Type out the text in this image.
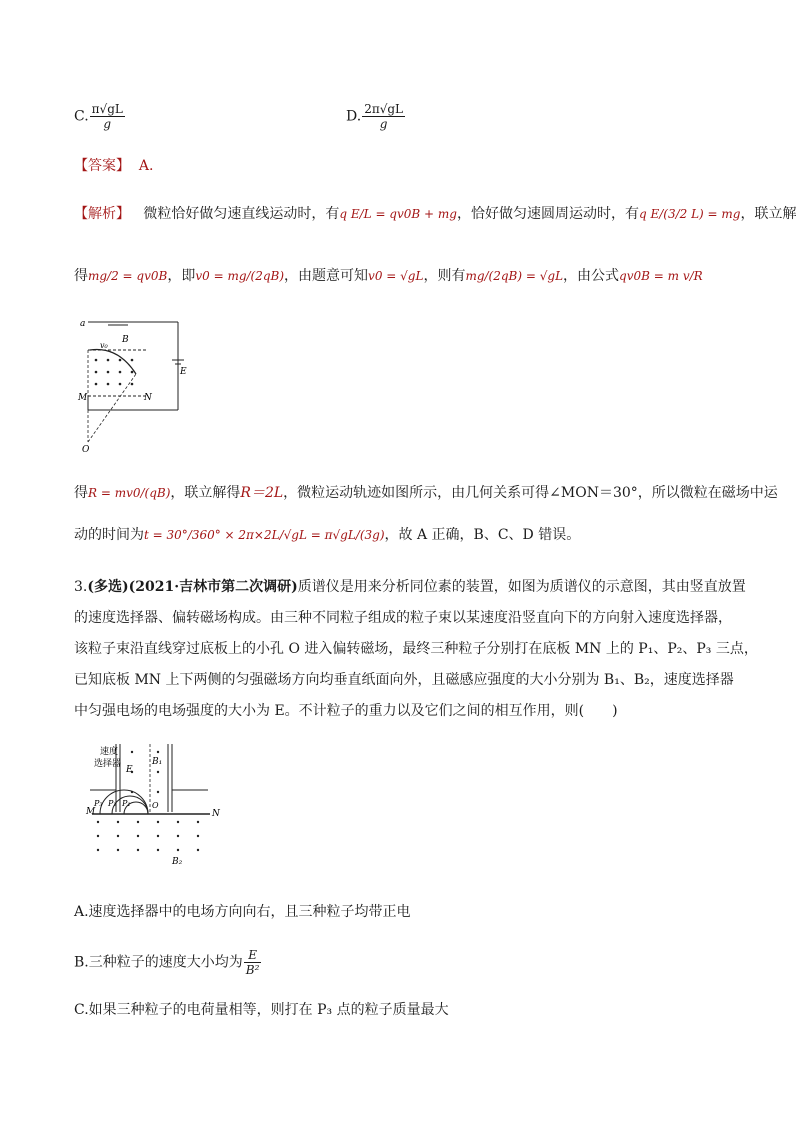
C. $\frac{\pi√gL}{g}$	D. $\frac{2\pi√gL}{g}$
【答案】 A.
【解析】 微粒恰好做匀速直线运动时，有q E/L = qv0B + mg，恰好做匀速圆周运动时，有q E/(3/2 L) = mg，联立解
得mg/2 = qv0B，即v0 = mg/(2qB)，由题意可知v0 = √gL，则有mg/(2qB) = √gL，由公式qv0B = m v/R
a
B
v₀
E
M	N
O
得R = mv0/(qB)，联立解得R＝2L，微粒运动轨迹如图所示，由几何关系可得∠MON＝30°，所以微粒在磁场中运
动的时间为t = 30°/360° × 2π×2L/√gL = π√gL/(3g)，故 A 正确，B、C、D 错误。
3.(多选)(2021·吉林市第二次调研)质谱仪是用来分析同位素的装置，如图为质谱仪的示意图，其由竖直放置
的速度选择器、偏转磁场构成。由三种不同粒子组成的粒子束以某速度沿竖直向下的方向射入速度选择器，
该粒子束沿直线穿过底板上的小孔 O 进入偏转磁场，最终三种粒子分别打在底板 MN 上的 P₁、P₂、P₃ 三点，
已知底板 MN 上下两侧的匀强磁场方向均垂直纸面向外，且磁感应强度的大小分别为 B₁、B₂，速度选择器
中匀强电场的电场强度的大小为 E。不计粒子的重力以及它们之间的相互作用，则(　　)
速度
选择器
E
B₁
M
P₃ P₂ P₁	O
N
B₂
A.速度选择器中的电场方向向右，且三种粒子均带正电
B.三种粒子的速度大小均为 $\frac{E}{\text{B²}}$
C.如果三种粒子的电荷量相等，则打在 P₃ 点的粒子质量最大
